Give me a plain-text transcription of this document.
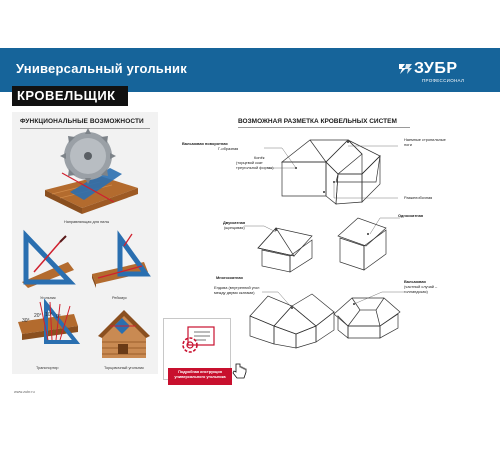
Универсальный угольник	ЗУБР
ПРОФЕССИОНАЛ
КРОВЕЛЬЩИК
ФУНКЦИОНАЛЬНЫЕ ВОЗМОЖНОСТИ
Направляющая для пилы
Угольник	Рейсмус
30°
20° 10° 0°
Транспортир	Торцовочный угольник
ВОЗМОЖНАЯ РАЗМЕТКА КРОВЕЛЬНЫХ СИСТЕМ
Вальмовая поворотная
Г-образная
Конёк
(торцевой скат треугольной формы)
Наемные стропильные ноги
Разжелобочная
Двускатная
(щипцовая)
Односкатная
Многоскатная
Ендова (внутренний угол между двумя скатами)
Вальмовая
(частный случай – голландская)
Подробная инструкция универсального угольника
www.zubr.ru
